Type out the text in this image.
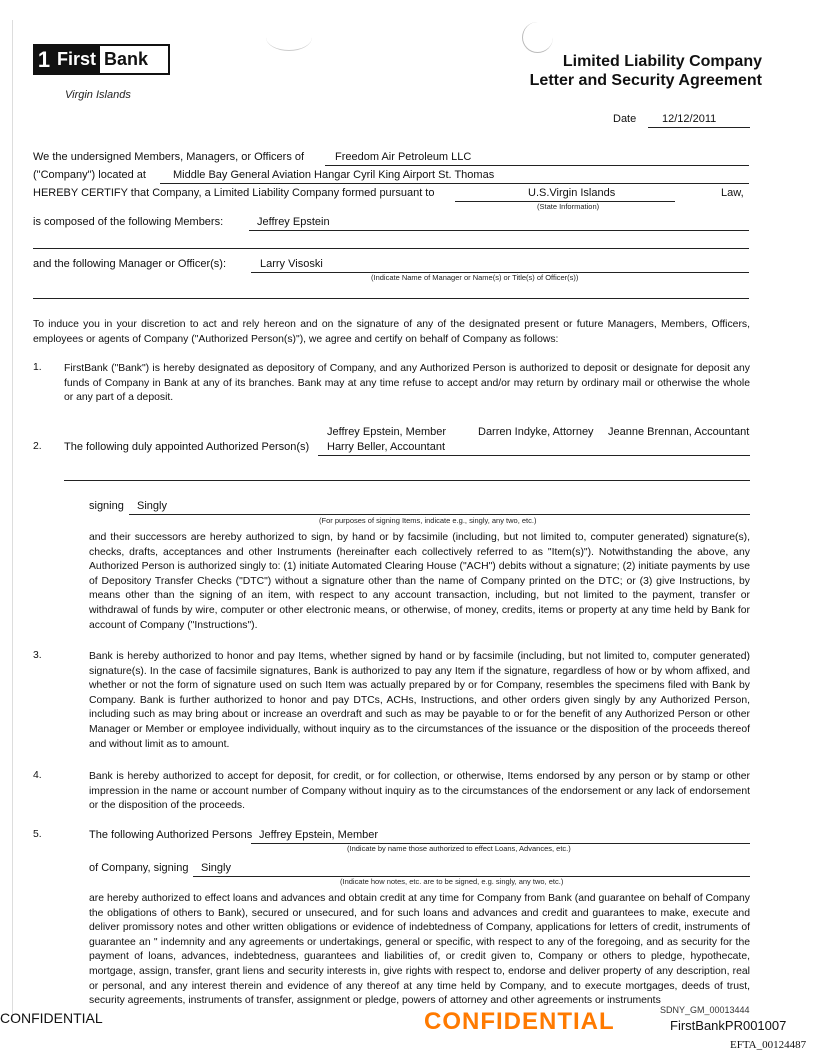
1 First Bank
Virgin Islands
Limited Liability Company
Letter and Security Agreement
Date 12/12/2011
We the undersigned Members, Managers, or Officers of	Freedom Air Petroleum LLC
("Company") located at Middle Bay General Aviation Hangar Cyril King Airport St. Thomas
HEREBY CERTIFY that Company, a Limited Liability Company formed pursuant to	U.S.Virgin Islands	Law,
(State Information)
is composed of the following Members:	Jeffrey Epstein
and the following Manager or Officer(s):	Larry Visoski
(Indicate Name of Manager or Name(s) or Title(s) of Officer(s))
To induce you in your discretion to act and rely hereon and on the signature of any of the designated present or future Managers, Members, Officers, employees or agents of Company ("Authorized Person(s)"), we agree and certify on behalf of Company as follows:
1. FirstBank ("Bank") is hereby designated as depository of Company, and any Authorized Person is authorized to deposit or designate for deposit any funds of Company in Bank at any of its branches. Bank may at any time refuse to accept and/or may return by ordinary mail or otherwise the whole or any part of a deposit.
2. The following duly appointed Authorized Person(s)
Jeffrey Epstein, Member	Darren Indyke, Attorney Jeanne Brennan, Accountant
Harry Beller, Accountant
signing Singly
(For purposes of signing Items, indicate e.g., singly, any two, etc.)
and their successors are hereby authorized to sign, by hand or by facsimile (including, but not limited to, computer generated) signature(s), checks, drafts, acceptances and other Instruments (hereinafter each collectively referred to as "Item(s)"). Notwithstanding the above, any Authorized Person is authorized singly to: (1) initiate Automated Clearing House ("ACH") debits without a signature; (2) initiate payments by use of Depository Transfer Checks ("DTC") without a signature other than the name of Company printed on the DTC; or (3) give Instructions, by means other than the signing of an item, with respect to any account transaction, including, but not limited to the payment, transfer or withdrawal of funds by wire, computer or other electronic means, or otherwise, of money, credits, items or property at any time held by Bank for account of Company ("Instructions").
3.	Bank is hereby authorized to honor and pay Items, whether signed by hand or by facsimile (including, but not limited to, computer generated) signature(s). In the case of facsimile signatures, Bank is authorized to pay any Item if the signature, regardless of how or by whom affixed, and whether or not the form of signature used on such Item was actually prepared by or for Company, resembles the specimens filed with Bank by Company. Bank is further authorized to honor and pay DTCs, ACHs, Instructions, and other orders given singly by any Authorized Person, including such as may bring about or increase an overdraft and such as may be payable to or for the benefit of any Authorized Person or other Manager or Member or employee individually, without inquiry as to the circumstances of the issuance or the disposition of the proceeds thereof and without limit as to amount.
4.	Bank is hereby authorized to accept for deposit, for credit, or for collection, or otherwise, Items endorsed by any person or by stamp or other impression in the name or account number of Company without inquiry as to the circumstances of the endorsement or any lack of endorsement or the disposition of the proceeds.
5.	The following Authorized Persons Jeffrey Epstein, Member
(Indicate by name those authorized to effect Loans, Advances, etc.)
of Company, signing Singly
(Indicate how notes, etc. are to be signed, e.g. singly, any two, etc.)
are hereby authorized to effect loans and advances and obtain credit at any time for Company from Bank (and guarantee on behalf of Company the obligations of others to Bank), secured or unsecured, and for such loans and advances and credit and guarantees to make, execute and deliver promissory notes and other written obligations or evidence of indebtedness of Company, applications for letters of credit, instruments of guarantee an " indemnity and any agreements or undertakings, general or specific, with respect to any of the foregoing, and as security for the payment of loans, advances, indebtedness, guarantees and liabilities of, or credit given to, Company or others to pledge, hypothecate, mortgage, assign, transfer, grant liens and security interests in, give rights with respect to, endorse and deliver property of any description, real or personal, and any interest therein and evidence of any thereof at any time held by Company, and to execute mortgages, deeds of trust, security agreements, instruments of transfer, assignment or pledge, powers of attorney and other agreements or instruments
CONFIDENTIAL	CONFIDENTIAL	SDNY_GM_00013444
FirstBankPR001007
EFTA_00124487
